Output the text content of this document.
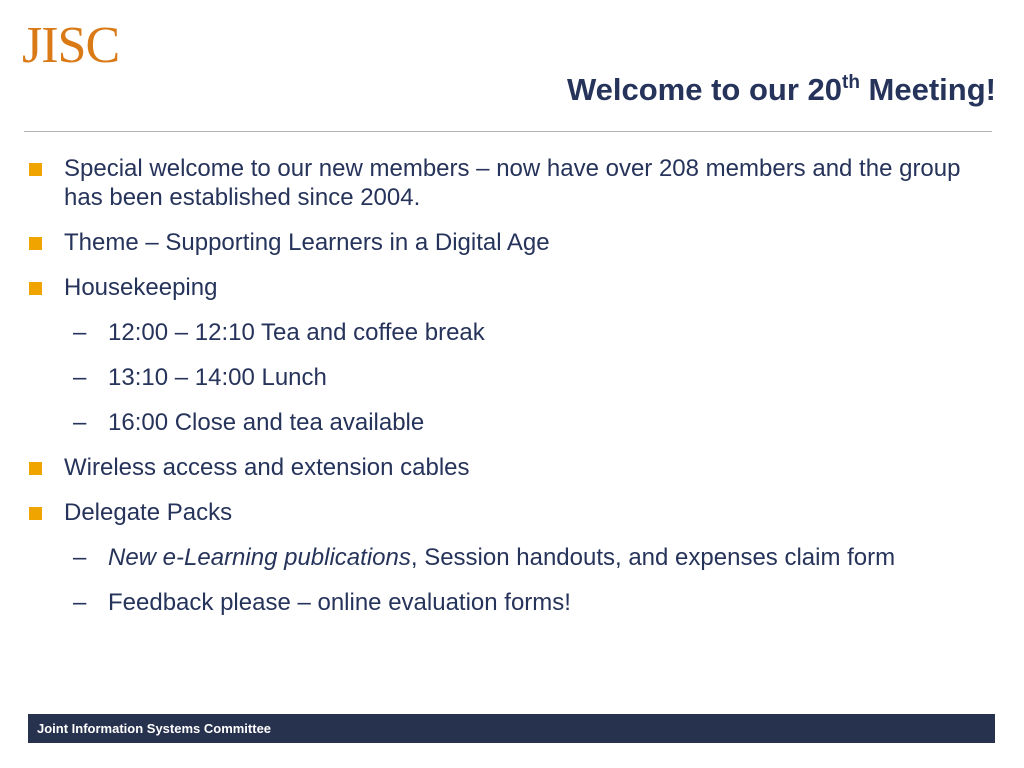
JISC
Welcome to our 20th Meeting!
Special welcome to our new members – now have over 208 members and the group has been established since 2004.
Theme – Supporting Learners in a Digital Age
Housekeeping
– 12:00 – 12:10 Tea and coffee break
– 13:10 – 14:00 Lunch
– 16:00 Close and tea available
Wireless access and extension cables
Delegate Packs
– New e-Learning publications, Session handouts, and expenses claim form
– Feedback please – online evaluation forms!
Joint Information Systems Committee
